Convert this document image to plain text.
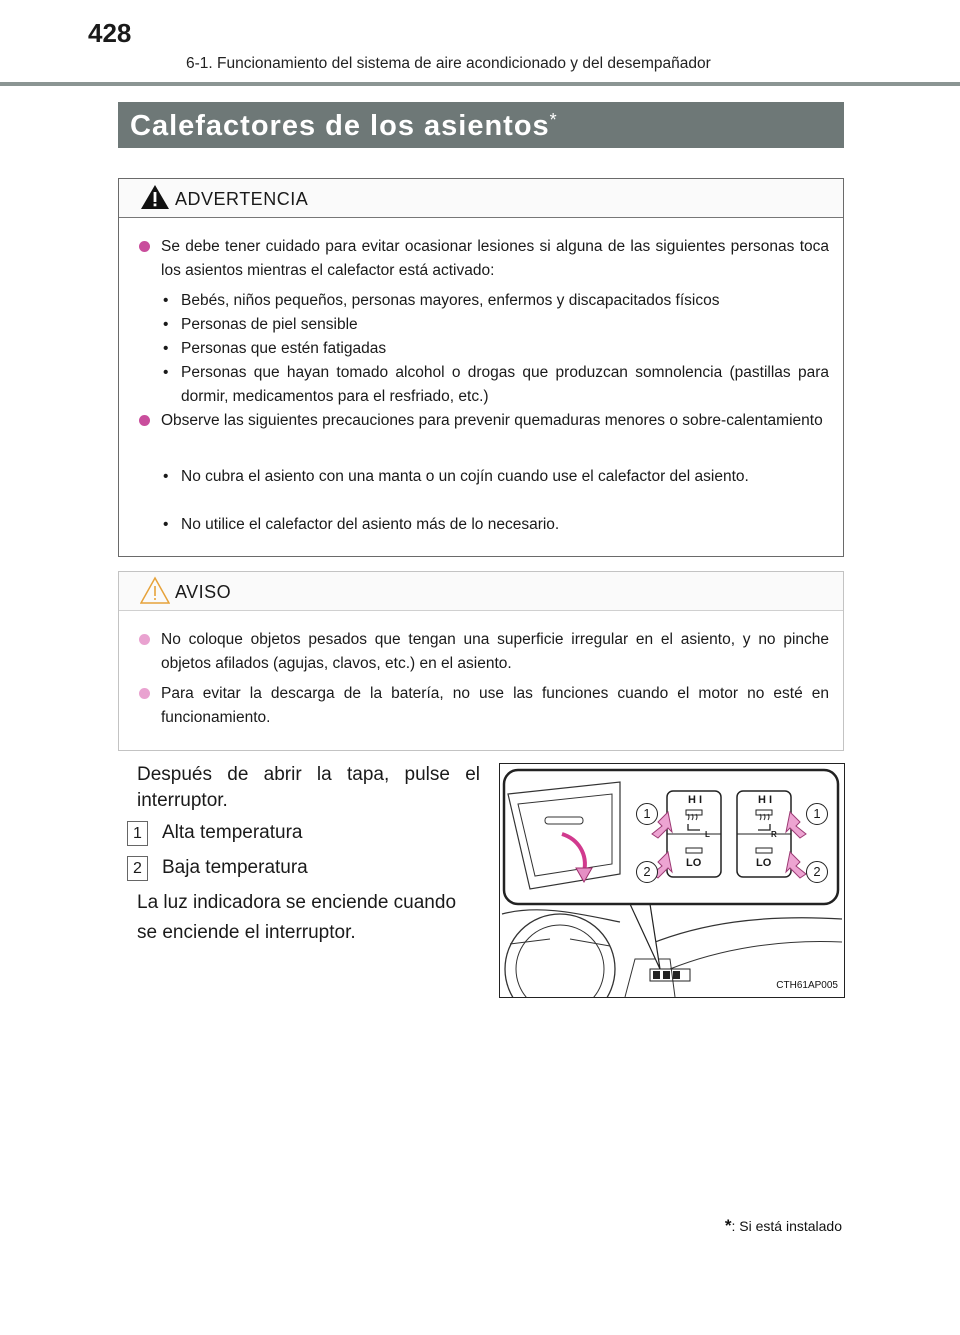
428
6-1. Funcionamiento del sistema de aire acondicionado y del desempañador
Calefactores de los asientos*
ADVERTENCIA
Se debe tener cuidado para evitar ocasionar lesiones si alguna de las siguientes personas toca los asientos mientras el calefactor está activado:
• Bebés, niños pequeños, personas mayores, enfermos y discapacitados físicos
• Personas de piel sensible
• Personas que estén fatigadas
• Personas que hayan tomado alcohol o drogas que produzcan somnolencia (pastillas para dormir, medicamentos para el resfriado, etc.)
Observe las siguientes precauciones para prevenir quemaduras menores o sobre-calentamiento
• No cubra el asiento con una manta o un cojín cuando use el calefactor del asiento.
• No utilice el calefactor del asiento más de lo necesario.
AVISO
No coloque objetos pesados que tengan una superficie irregular en el asiento, y no pinche objetos afilados (agujas, clavos, etc.) en el asiento.
Para evitar la descarga de la batería, no use las funciones cuando el motor no esté en funcionamiento.
Después de abrir la tapa, pulse el
interruptor.
1	Alta temperatura
2	Baja temperatura
La luz indicadora se enciende cuando
se enciende el interruptor.
H I
LO
L
H I
LO
R
1
2
1
2
CTH61AP005
*: Si está instalado
